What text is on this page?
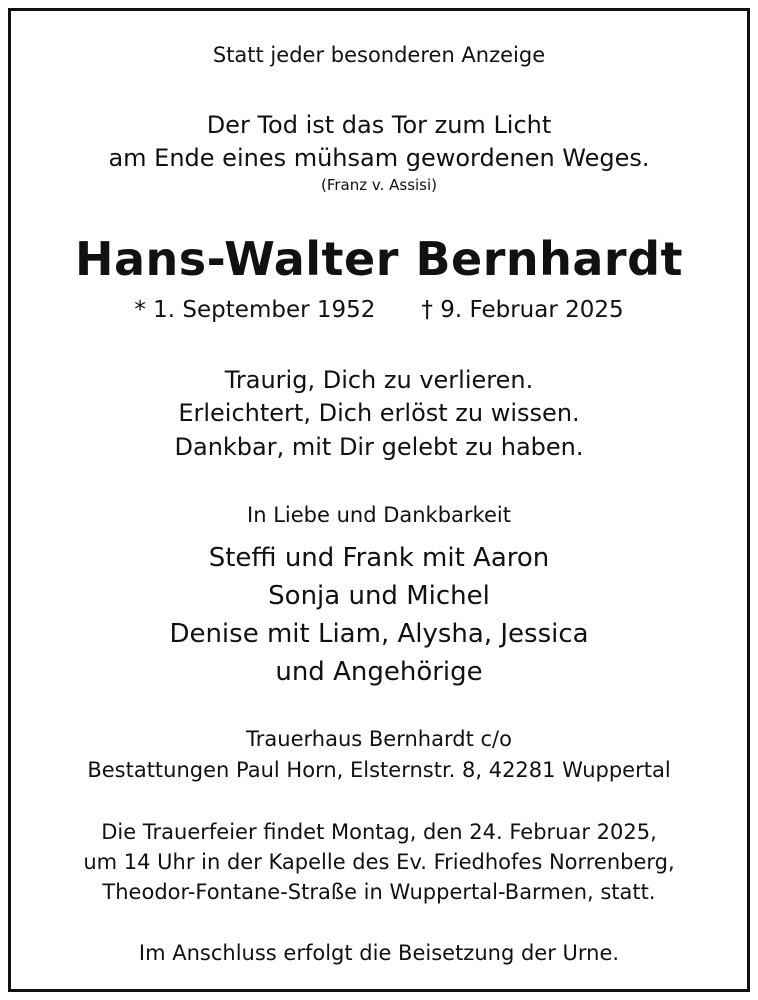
Statt jeder besonderen Anzeige
Der Tod ist das Tor zum Licht
am Ende eines mühsam gewordenen Weges.
(Franz v. Assisi)
Hans-Walter Bernhardt
* 1. September 1952 † 9. Februar 2025
Traurig, Dich zu verlieren.
Erleichtert, Dich erlöst zu wissen.
Dankbar, mit Dir gelebt zu haben.
In Liebe und Dankbarkeit
Steffi und Frank mit Aaron
Sonja und Michel
Denise mit Liam, Alysha, Jessica
und Angehörige
Trauerhaus Bernhardt c/o
Bestattungen Paul Horn, Elsternstr. 8, 42281 Wuppertal
Die Trauerfeier findet Montag, den 24. Februar 2025,
um 14 Uhr in der Kapelle des Ev. Friedhofes Norrenberg,
Theodor-Fontane-Straße in Wuppertal-Barmen, statt.
Im Anschluss erfolgt die Beisetzung der Urne.
